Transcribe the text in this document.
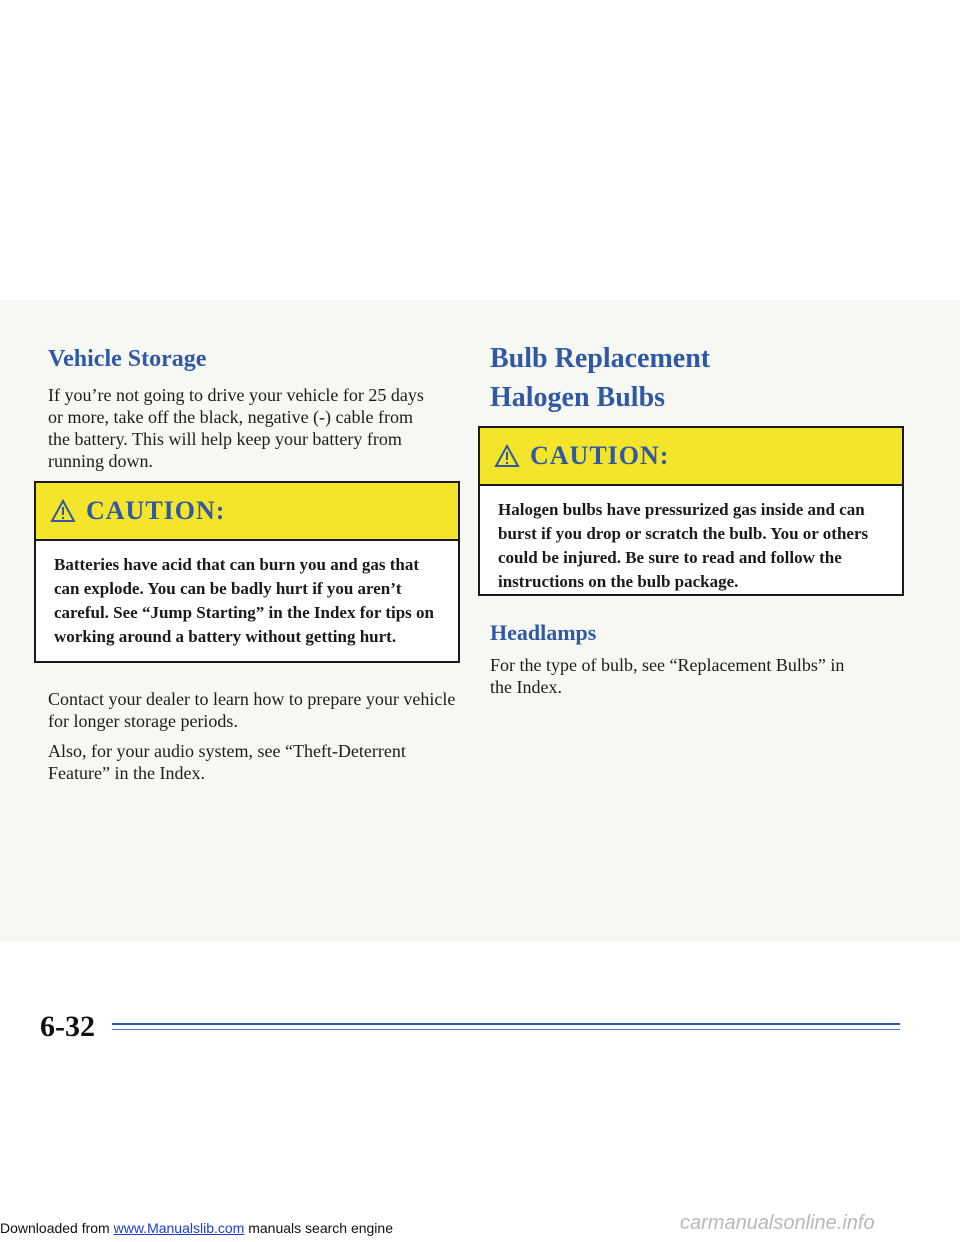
Vehicle Storage

If you’re not going to drive your vehicle for 25 days or more, take off the black, negative (-) cable from the battery. This will help keep your battery from running down.

CAUTION:

Batteries have acid that can burn you and gas that can explode. You can be badly hurt if you aren’t careful. See “Jump Starting” in the Index for tips on working around a battery without getting hurt.

Contact your dealer to learn how to prepare your vehicle for longer storage periods.

Also, for your audio system, see “Theft-Deterrent Feature” in the Index.

Bulb Replacement
Halogen Bulbs
CAUTION:

Halogen bulbs have pressurized gas inside and can burst if you drop or scratch the bulb. You or others could be injured. Be sure to read and follow the instructions on the bulb package.

Headlamps

For the type of bulb, see “Replacement Bulbs” in the Index.

6-32
Downloaded from www.Manualslib.com manuals search engine	carmanualsonline.info
